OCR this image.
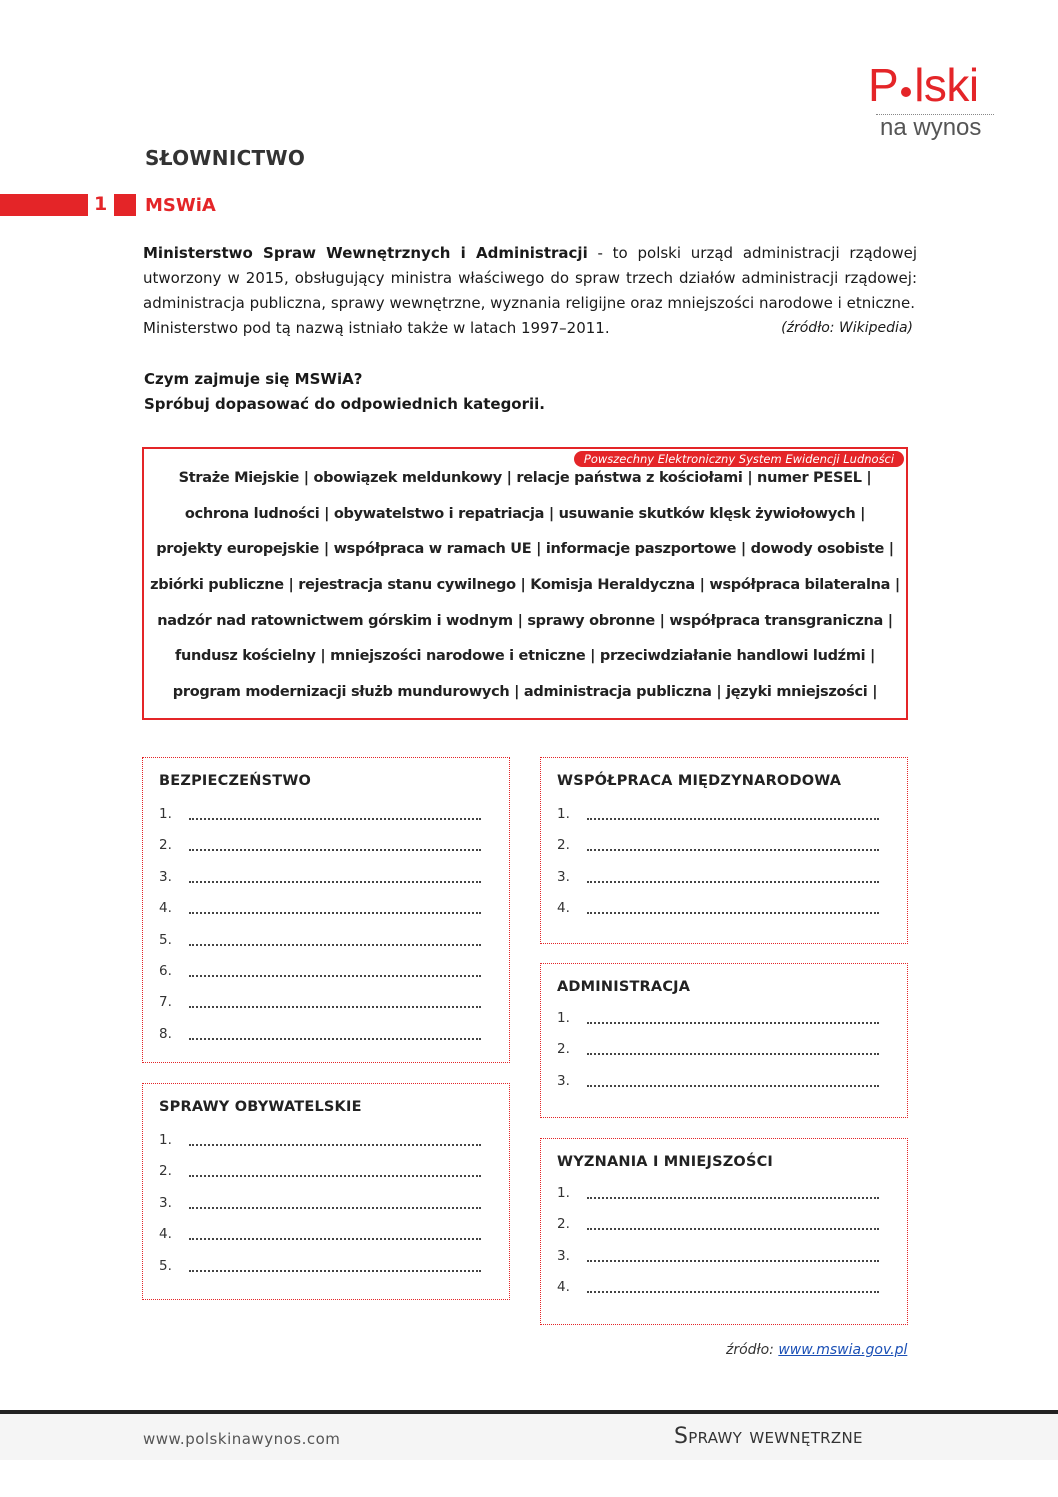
P lski
na wynos
SŁOWNICTWO
1 MSWiA
Ministerstwo Spraw Wewnętrznych i Administracji - to polski urząd administracji rządowej utworzony w 2015, obsługujący ministra właściwego do spraw trzech działów administracji rządowej: administracja publiczna, sprawy wewnętrzne, wyznania religijne oraz mniejszości narodowe i etniczne.
Ministerstwo pod tą nazwą istniało także w latach 1997–2011.	(źródło: Wikipedia)
Czym zajmuje się MSWiA?
Spróbuj dopasować do odpowiednich kategorii.
Straże Miejskie | obowiązek meldunkowy | relacje państwa z kościołami | numer PESEL |
ochrona ludności | obywatelstwo i repatriacja | usuwanie skutków klęsk żywiołowych |
projekty europejskie | współpraca w ramach UE | informacje paszportowe | dowody osobiste |
zbiórki publiczne | rejestracja stanu cywilnego | Komisja Heraldyczna | współpraca bilateralna |
nadzór nad ratownictwem górskim i wodnym | sprawy obronne | współpraca transgraniczna |
fundusz kościelny | mniejszości narodowe i etniczne | przeciwdziałanie handlowi ludźmi |
program modernizacji służb mundurowych | administracja publiczna | języki mniejszości |
Powszechny Elektroniczny System Ewidencji Ludności
BEZPIECZEŃSTWO
1.
2.
3.
4.
5.
6.
7.
8.
SPRAWY OBYWATELSKIE
1.
2.
3.
4.
5.
WSPÓŁPRACA MIĘDZYNARODOWA
1.
2.
3.
4.
ADMINISTRACJA
1.
2.
3.
WYZNANIA I MNIEJSZOŚCI
1.
2.
3.
4.
źródło: www.mswia.gov.pl
www.polskinawynos.com	Sprawy wewnętrzne
